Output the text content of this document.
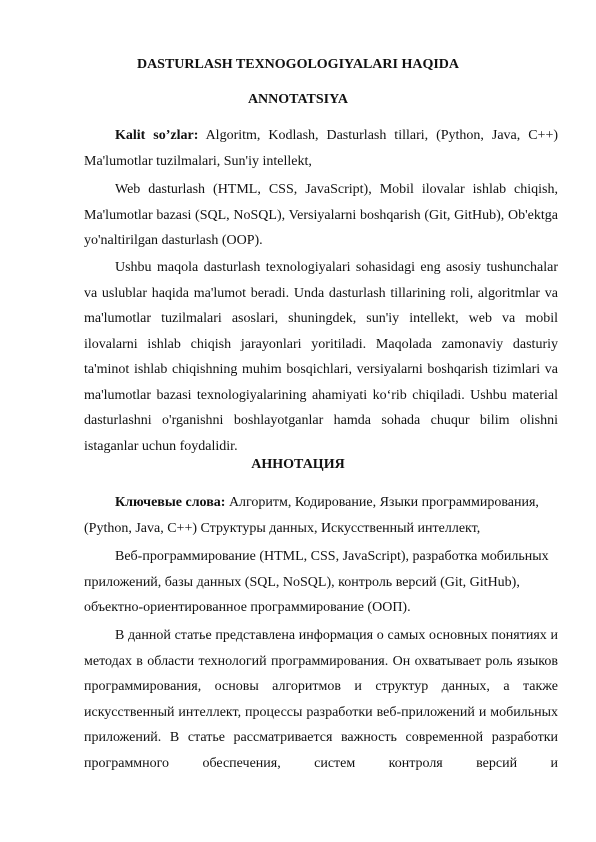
DASTURLASH TEXNOGOLOGIYALARI HAQIDA
ANNOTATSIYA

Kalit so’zlar: Algoritm, Kodlash, Dasturlash tillari, (Python, Java, C++) Ma'lumotlar tuzilmalari, Sun'iy intellekt,

Web dasturlash (HTML, CSS, JavaScript), Mobil ilovalar ishlab chiqish, Ma'lumotlar bazasi (SQL, NoSQL), Versiyalarni boshqarish (Git, GitHub), Ob'ektga yo'naltirilgan dasturlash (OOP).

Ushbu maqola dasturlash texnologiyalari sohasidagi eng asosiy tushunchalar va uslublar haqida ma'lumot beradi. Unda dasturlash tillarining roli, algoritmlar va ma'lumotlar tuzilmalari asoslari, shuningdek, sun'iy intellekt, web va mobil ilovalarni ishlab chiqish jarayonlari yoritiladi. Maqolada zamonaviy dasturiy ta'minot ishlab chiqishning muhim bosqichlari, versiyalarni boshqarish tizimlari va ma'lumotlar bazasi texnologiyalarining ahamiyati ko‘rib chiqiladi. Ushbu material dasturlashni o'rganishni boshlayotganlar hamda sohada chuqur bilim olishni istaganlar uchun foydalidir.

АННОТАЦИЯ

Ключевые слова: Алгоритм, Кодирование, Языки программирования, (Python, Java, C++) Структуры данных, Искусственный интеллект,

Веб-программирование (HTML, CSS, JavaScript), разработка мобильных приложений, базы данных (SQL, NoSQL), контроль версий (Git, GitHub), объектно-ориентированное программирование (ООП).

В данной статье представлена информация о самых основных понятиях и методах в области технологий программирования. Он охватывает роль языков программирования, основы алгоритмов и структур данных, а также искусственный интеллект, процессы разработки веб-приложений и мобильных приложений. В статье рассматривается важность современной разработки программного обеспечения, систем контроля версий и
